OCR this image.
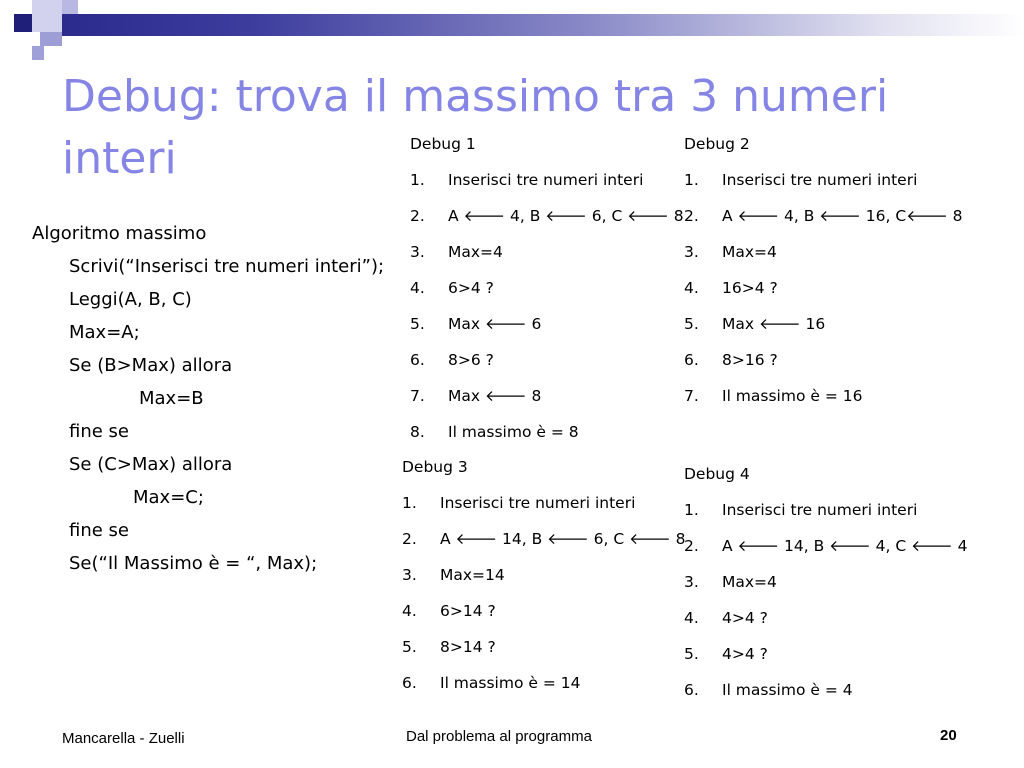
Debug: trova il massimo tra 3 numeri interi
Algoritmo massimo
Scrivi(“Inserisci tre numeri interi”);
Leggi(A, B, C)
Max=A;
Se (B>Max) allora
Max=B
fine se
Se (C>Max) allora
Max=C;
fine se
Se(“Il Massimo è = “, Max);
Debug 1
1. Inserisci tre numeri interi
2. A 🡐 4, B 🡐 6, C 🡐 8
3. Max=4
4. 6>4 ?
5. Max 🡐 6
6. 8>6 ?
7. Max 🡐 8
8. Il massimo è = 8
Debug 2
1. Inserisci tre numeri interi
2. A 🡐 4, B 🡐 16, C🡐 8
3. Max=4
4. 16>4 ?
5. Max 🡐 16
6. 8>16 ?
7. Il massimo è = 16
Debug 3
1. Inserisci tre numeri interi
2. A 🡐 14, B 🡐 6, C 🡐 8
3. Max=14
4. 6>14 ?
5. 8>14 ?
6. Il massimo è = 14
Debug 4
1. Inserisci tre numeri interi
2. A 🡐 14, B 🡐 4, C 🡐 4
3. Max=4
4. 4>4 ?
5. 4>4 ?
6. Il massimo è = 4
Mancarella - Zuelli	Dal problema al programma	20
